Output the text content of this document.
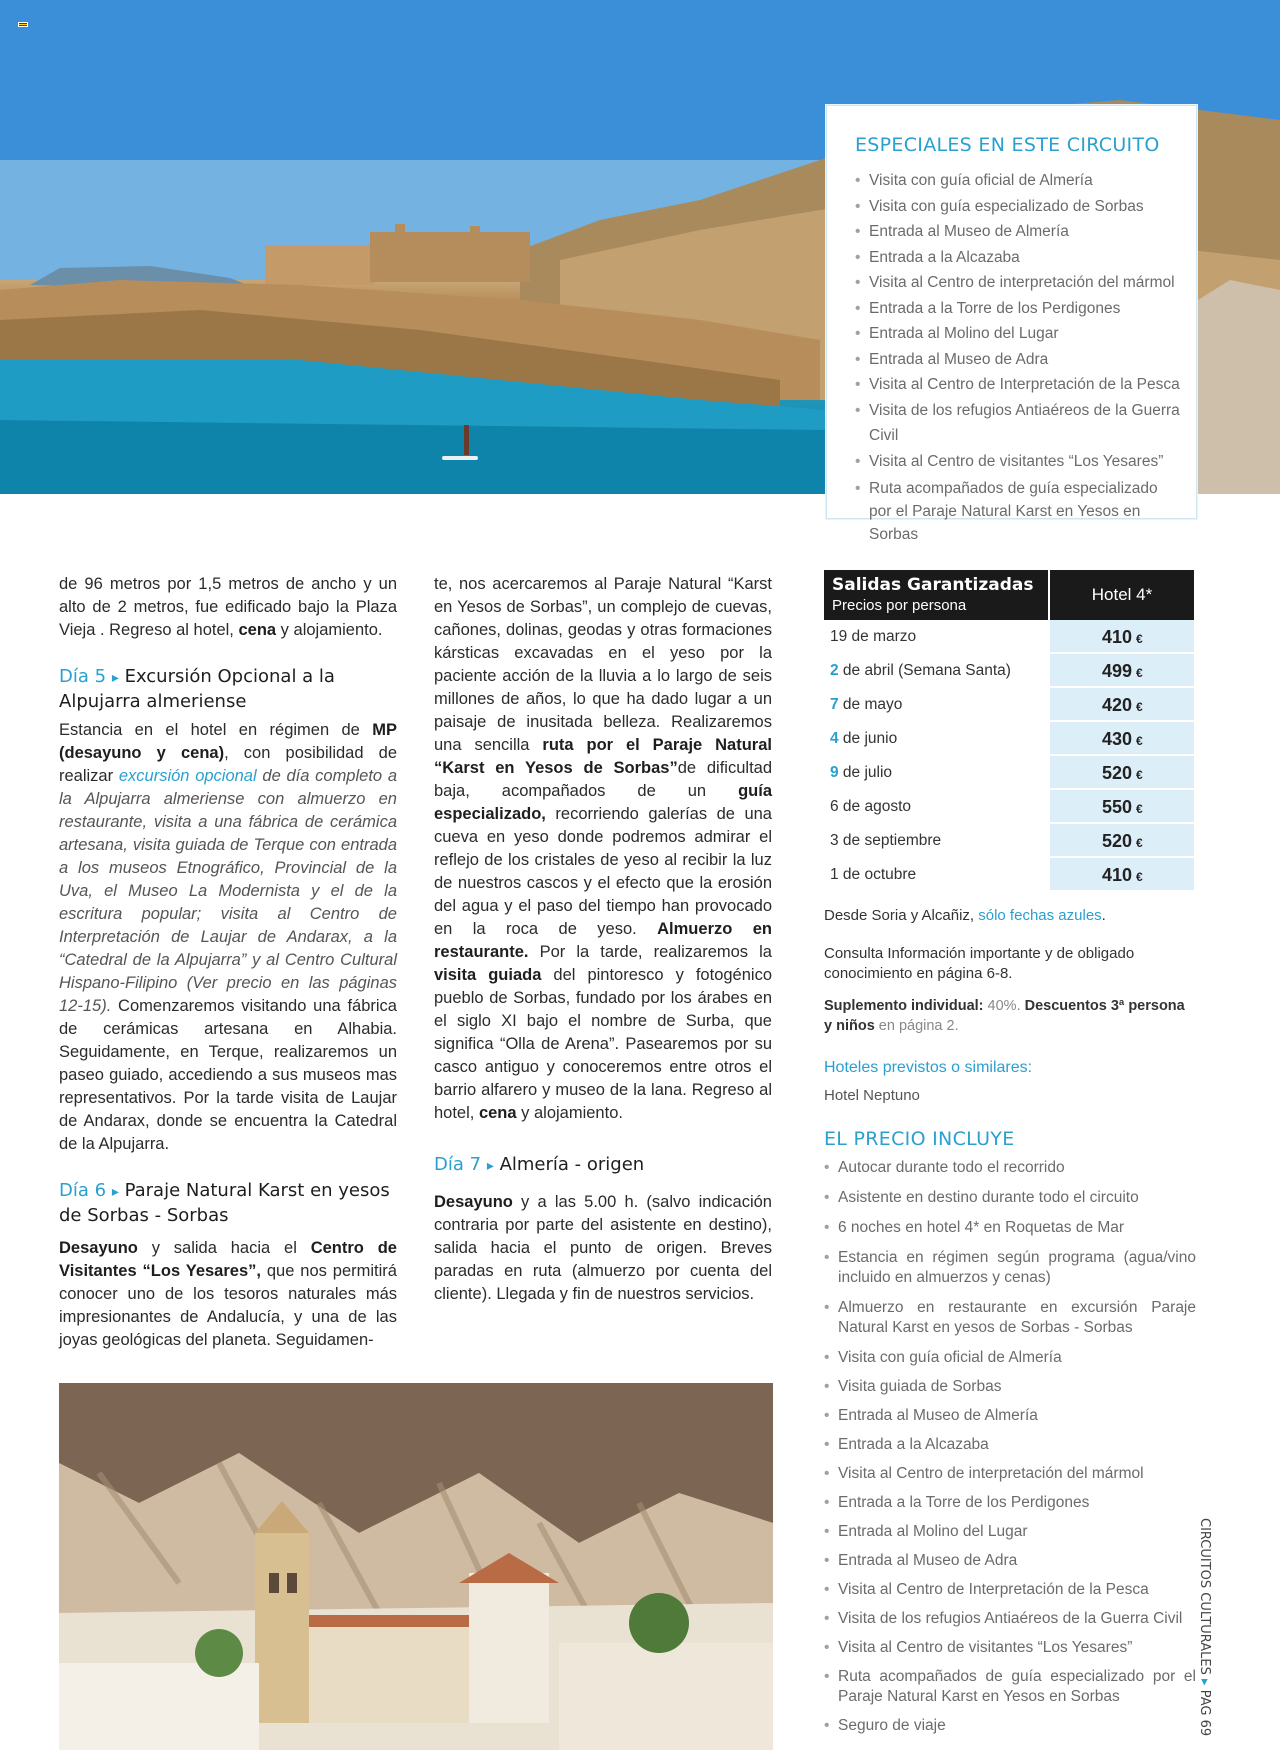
ESPECIALES EN ESTE CIRCUITO
• Visita con guía oficial de Almería
• Visita con guía especializado de Sorbas
• Entrada al Museo de Almería
• Entrada a la Alcazaba
• Visita al Centro de interpretación del mármol
• Entrada a la Torre de los Perdigones
• Entrada al Molino del Lugar
• Entrada al Museo de Adra
• Visita al Centro de Interpretación de la Pesca
• Visita de los refugios Antiaéreos de la Guerra Civil
• Visita al Centro de visitantes “Los Yesares”
• Ruta acompañados de guía especializado por el Paraje Natural Karst en Yesos en Sorbas

de 96 metros por 1,5 metros de ancho y un alto de 2 metros, fue edificado bajo la Plaza Vieja . Regreso al hotel, cena y alojamiento.

Día 5 ▸ Excursión Opcional a la Alpujarra almeriense

Estancia en el hotel en régimen de MP (desayuno y cena), con posibilidad de realizar excursión opcional de día completo a la Alpujarra almeriense con almuerzo en restaurante, visita a una fábrica de cerámica artesana, visita guiada de Terque con entrada a los museos Etnográfico, Provincial de la Uva, el Museo La Modernista y el de la escritura popular; visita al Centro de Interpretación de Laujar de Andarax, a la “Catedral de la Alpujarra” y al Centro Cultural Hispano-Filipino (Ver precio en las páginas 12-15). Comenzaremos visitando una fábrica de cerámicas artesana en Alhabia. Seguidamente, en Terque, realizaremos un paseo guiado, accediendo a sus museos mas representativos. Por la tarde visita de Laujar de Andarax, donde se encuentra la Catedral de la Alpujarra.

Día 6 ▸ Paraje Natural Karst en yesos de Sorbas - Sorbas

Desayuno y salida hacia el Centro de Visitantes “Los Yesares”, que nos permitirá conocer uno de los tesoros naturales más impresionantes de Andalucía, y una de las joyas geológicas del planeta. Seguidamen-

te, nos acercaremos al Paraje Natural “Karst en Yesos de Sorbas”, un complejo de cuevas, cañones, dolinas, geodas y otras formaciones kársticas excavadas en el yeso por la paciente acción de la lluvia a lo largo de seis millones de años, lo que ha dado lugar a un paisaje de inusitada belleza. Realizaremos una sencilla ruta por el Paraje Natural “Karst en Yesos de Sorbas”de dificultad baja, acompañados de un guía especializado, recorriendo galerías de una cueva en yeso donde podremos admirar el reflejo de los cristales de yeso al recibir la luz de nuestros cascos y el efecto que la erosión del agua y el paso del tiempo han provocado en la roca de yeso. Almuerzo en restaurante. Por la tarde, realizaremos la visita guiada del pintoresco y fotogénico pueblo de Sorbas, fundado por los árabes en el siglo XI bajo el nombre de Surba, que significa “Olla de Arena”. Pasearemos por su casco antiguo y conoceremos entre otros el barrio alfarero y museo de la lana. Regreso al hotel, cena y alojamiento.

Día 7 ▸ Almería - origen

Desayuno y a las 5.00 h. (salvo indicación contraria por parte del asistente en destino), salida hacia el punto de origen. Breves paradas en ruta (almuerzo por cuenta del cliente). Llegada y fin de nuestros servicios.

Salidas Garantizadas
Precios por persona
Hotel 4*
19 de marzo	410 €
2 de abril (Semana Santa)	499 €
7 de mayo	420 €
4 de junio	430 €
9 de julio	520 €
6 de agosto	550 €
3 de septiembre	520 €
1 de octubre	410 €
Desde Soria y Alcañiz, sólo fechas azules.
Consulta Información importante y de obligado conocimiento en página 6-8.
Suplemento individual: 40%. Descuentos 3ª persona y niños en página 2.
Hoteles previstos o similares:
Hotel Neptuno
EL PRECIO INCLUYE
• Autocar durante todo el recorrido
• Asistente en destino durante todo el circuito
• 6 noches en hotel 4* en Roquetas de Mar
• Estancia en régimen según programa (agua/vino incluido en almuerzos y cenas)
• Almuerzo en restaurante en excursión Paraje Natural Karst en yesos de Sorbas - Sorbas
• Visita con guía oficial de Almería
• Visita guiada de Sorbas
• Entrada al Museo de Almería
• Entrada a la Alcazaba
• Visita al Centro de interpretación del mármol
• Entrada a la Torre de los Perdigones
• Entrada al Molino del Lugar
• Entrada al Museo de Adra
• Visita al Centro de Interpretación de la Pesca
• Visita de los refugios Antiaéreos de la Guerra Civil
• Visita al Centro de visitantes “Los Yesares”
• Ruta acompañados de guía especializado por el Paraje Natural Karst en Yesos en Sorbas
• Seguro de viaje
CIRCUITOS CULTURALES ▸ PAG 69
